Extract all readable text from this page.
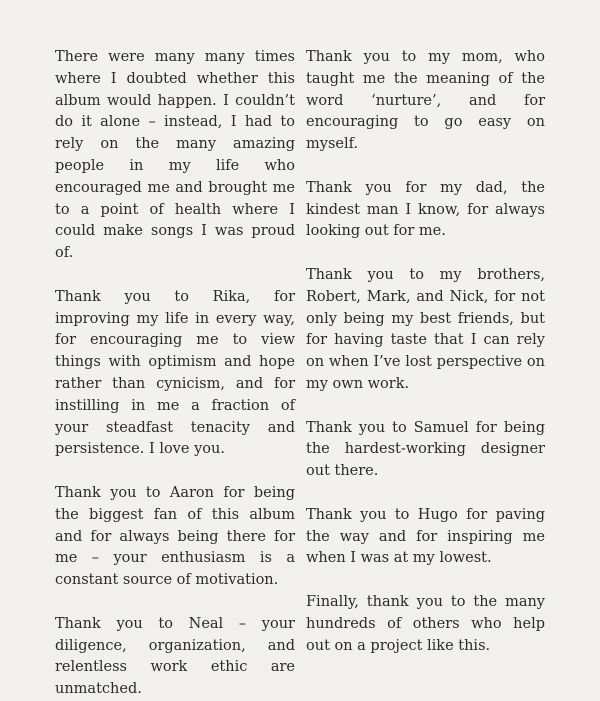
There were many many times where I doubted whether this album would happen. I couldn’t do it alone – instead, I had to rely on the many amazing people in my life who encouraged me and brought me to a point of health where I could make songs I was proud of.

Thank you to Rika, for improving my life in every way, for encouraging me to view things with optimism and hope rather than cynicism, and for instilling in me a fraction of your steadfast tenacity and persistence. I love you.

Thank you to Aaron for being the biggest fan of this album and for always being there for me – your enthusiasm is a constant source of motivation.

Thank you to Neal – your diligence, organization, and relentless work ethic are unmatched.

Thank you to my mom, who taught me the meaning of the word ‘nurture’, and for encouraging to go easy on myself.

Thank you for my dad, the kindest man I know, for always looking out for me.

Thank you to my brothers, Robert, Mark, and Nick, for not only being my best friends, but for having taste that I can rely on when I’ve lost perspective on my own work.

Thank you to Samuel for being the hardest-working designer out there.

Thank you to Hugo for paving the way and for inspiring me when I was at my lowest.

Finally, thank you to the many hundreds of others who help out on a project like this.
